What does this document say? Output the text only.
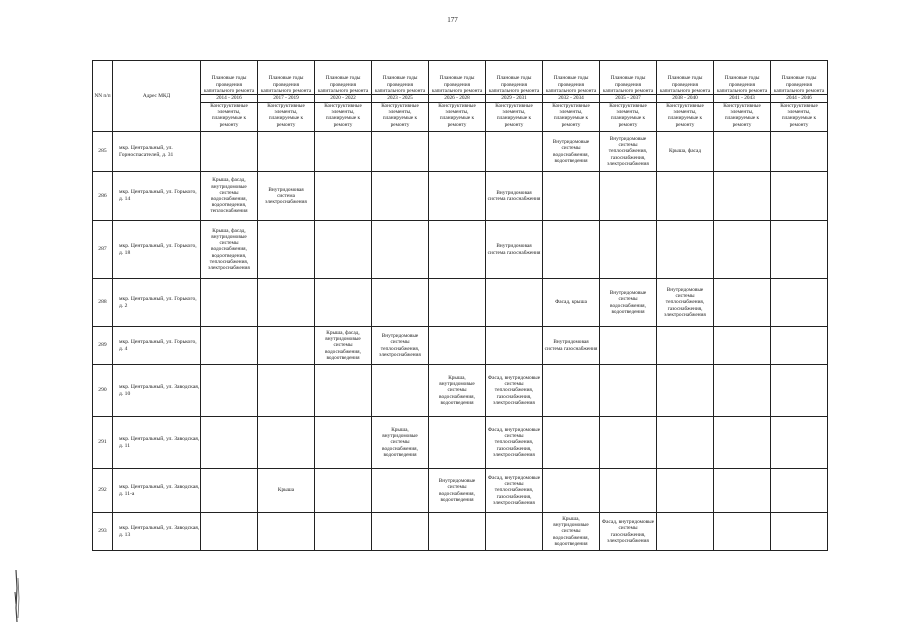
177
NN п/п	Адрес МКД	Плановые годы проведения капитального ремонта	Плановые годы проведения капитального ремонта	Плановые годы проведения капитального ремонта	Плановые годы проведения капитального ремонта	Плановые годы проведения капитального ремонта	Плановые годы проведения капитального ремонта	Плановые годы проведения капитального ремонта	Плановые годы проведения капитального ремонта	Плановые годы проведения капитального ремонта	Плановые годы проведения капитального ремонта	Плановые годы проведения капитального ремонта

		2014 - 2016	2017 - 2019	2020 - 2022	2023 - 2025	2026 - 2028	2029 - 2031	2032 - 2034	2035 - 2037	2038 - 2040	2041 - 2043	2044 - 2046

		Конструктивные элементы, планируемые к ремонту	Конструктивные элементы, планируемые к ремонту	Конструктивные элементы, планируемые к ремонту	Конструктивные элементы, планируемые к ремонту	Конструктивные элементы, планируемые к ремонту	Конструктивные элементы, планируемые к ремонту	Конструктивные элементы, планируемые к ремонту	Конструктивные элементы, планируемые к ремонту	Конструктивные элементы, планируемые к ремонту	Конструктивные элементы, планируемые к ремонту	Конструктивные элементы, планируемые к ремонту

285	мкр. Центральный, ул. Горноспасателей, д. 31							Внутридомовые системы водоснабжения, водоотведения	Внутридомовые системы теплоснабжения, газоснабжения, электроснабжения	Крыша, фасад		
286	мкр. Центральный, ул. Горького, д. 14	Крыша, фасад, внутридомовые системы водоснабжения, водоотведения, теплоснабжения	Внутридомовая система электроснабжения				Внутридомовая система газоснабжения					
287	мкр. Центральный, ул. Горького, д. 18	Крыша, фасад, внутридомовые системы водоснабжения, водоотведения, теплоснабжения, электроснабжения					Внутридомовая система газоснабжения					
288	мкр. Центральный, ул. Горького, д. 2							Фасад, крыша	Внутридомовые системы водоснабжения, водоотведения	Внутридомовые системы теплоснабжения, газоснабжения, электроснабжения		
289	мкр. Центральный, ул. Горького, д. 4			Крыша, фасад, внутридомовые системы водоснабжения, водоотведения	Внутридомовые системы теплоснабжения, электроснабжения			Внутридомовая система газоснабжения				
290	мкр. Центральный, ул. Заводская, д. 10					Крыша, внутридомовые системы водоснабжения, водоотведения	Фасад, внутридомовые системы теплоснабжения, газоснабжения, электроснабжения					
291	мкр. Центральный, ул. Заводская, д. 11				Крыша, внутридомовые системы водоснабжения, водоотведения		Фасад, внутридомовые системы теплоснабжения, газоснабжения, электроснабжения					
292	мкр. Центральный, ул. Заводская, д. 11-а		Крыша			Внутридомовые системы водоснабжения, водоотведения	Фасад, внутридомовые системы теплоснабжения, газоснабжения, электроснабжения					
293	мкр. Центральный, ул. Заводская, д. 13							Крыша, внутридомовые системы водоснабжения, водоотведения	Фасад, внутридомовые системы газоснабжения, электроснабжения			
